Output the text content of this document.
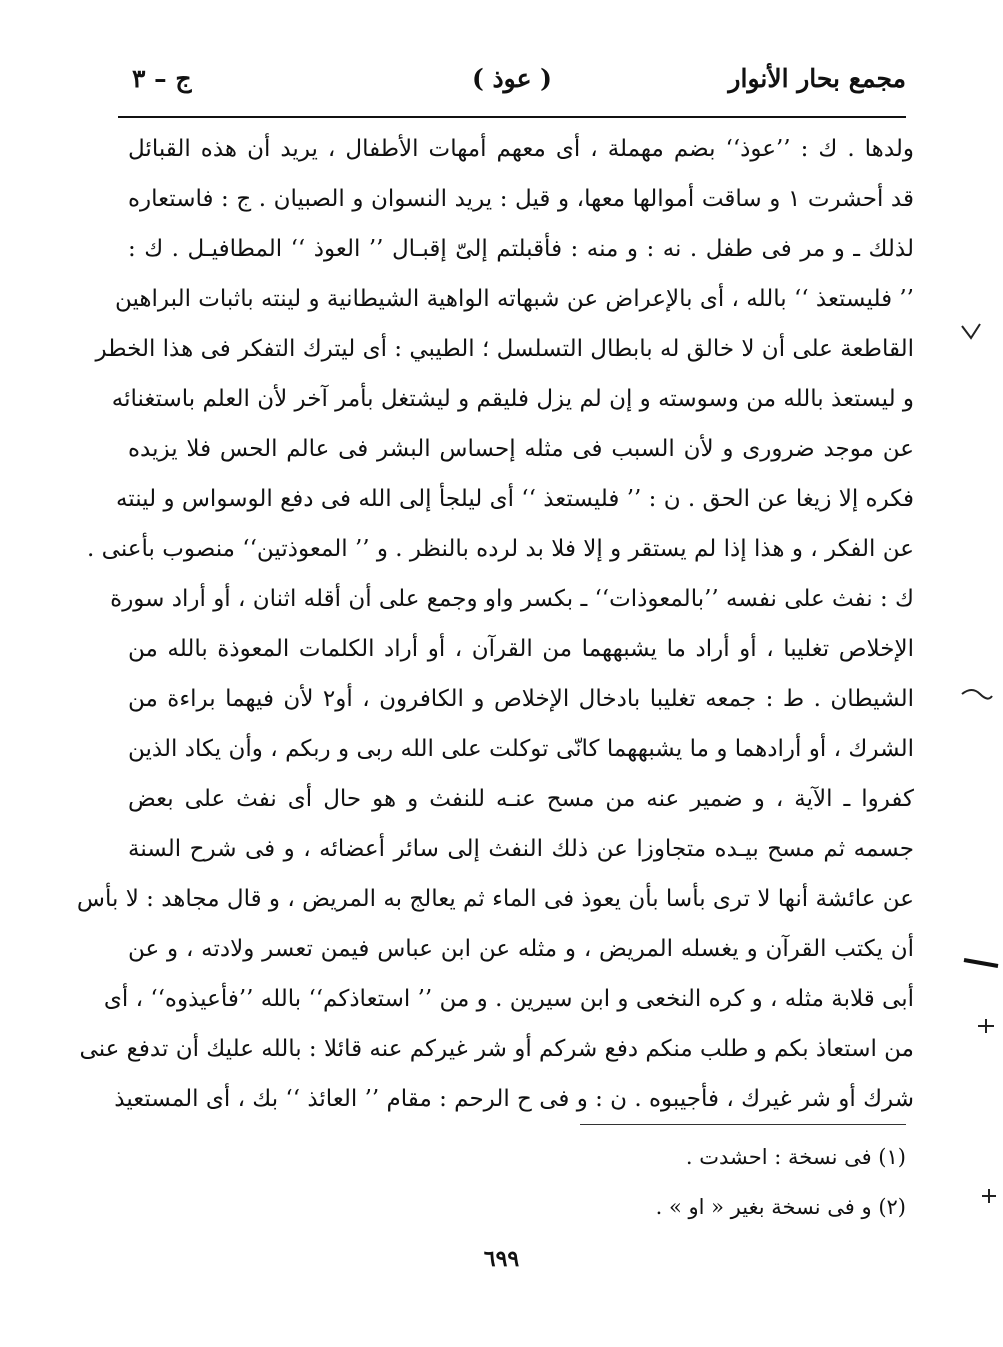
مجمع بحار الأنوار
( عوذ )
ج – ٣
ولدها . ك : ’’عوذ‘‘ بضم مهملة ، أى معهم أمهات الأطفال ، يريد أن هذه القبائل
قد أحشرت ١ و ساقت أموالها معها، و قيل : يريد النسوان و الصبيان . ج : فاستعاره
لذلك ـ و مر فى طفل . نه : و منه : فأقبلتم إلىّ إقبـال ’’ العوذ ‘‘ المطافيـل . ك :
’’ فليستعذ ‘‘ بالله ، أى بالإعراض عن شبهاته الواهية الشيطانية و لينته باثبات البراهين
القاطعة على أن لا خالق له بابطال التسلسل ؛ الطيبي : أى ليترك التفكر فى هذا الخطر
و ليستعذ بالله من وسوسته و إن لم يزل فليقم و ليشتغل بأمر آخر لأن العلم باستغنائه
عن موجد ضرورى و لأن السبب فى مثله إحساس البشر فى عالم الحس فلا يزيده
فكره إلا زيغا عن الحق . ن : ’’ فليستعذ ‘‘ أى ليلجأ إلى الله فى دفع الوسواس و لينته
عن الفكر ، و هذا إذا لم يستقر و إلا فلا بد لرده بالنظر . و ’’ المعوذتين‘‘ منصوب بأعنى .
ك : نفث على نفسه ’’بالمعوذات‘‘ ـ بكسر واو وجمع على أن أقله اثنان ، أو أراد سورة
الإخلاص تغليبا ، أو أراد ما يشبههما من القرآن ، أو أراد الكلمات المعوذة بالله من
الشيطان . ط : جمعه تغليبا بادخال الإخلاص و الكافرون ، أو٢ لأن فيهما براءة من
الشرك ، أو أرادهما و ما يشبههما كانّى توكلت على الله ربى و ربكم ، وأن يكاد الذين
كفروا ـ الآية ، و ضمير عنه من مسح عنـه للنفث و هو حال أى نفث على بعض
جسمه ثم مسح بيـده متجاوزا عن ذلك النفث إلى سائر أعضائه ، و فى شرح السنة
عن عائشة أنها لا ترى بأسا بأن يعوذ فى الماء ثم يعالج به المريض ، و قال مجاهد : لا بأس
أن يكتب القرآن و يغسله المريض ، و مثله عن ابن عباس فيمن تعسر ولادته ، و عن
أبى قلابة مثله ، و كره النخعى و ابن سيرين . و من ’’ استعاذكم‘‘ بالله ’’فأعيذوه‘‘ ، أى
من استعاذ بكم و طلب منكم دفع شركم أو شر غيركم عنه قائلا : بالله عليك أن تدفع عنى
شرك أو شر غيرك ، فأجيبوه . ن : و فى ح الرحم : مقام ’’ العائذ ‘‘ بك ، أى المستعيذ
(١) فى نسخة : احشدت .
(٢) و فى نسخة بغير « او » .
٦٩٩
